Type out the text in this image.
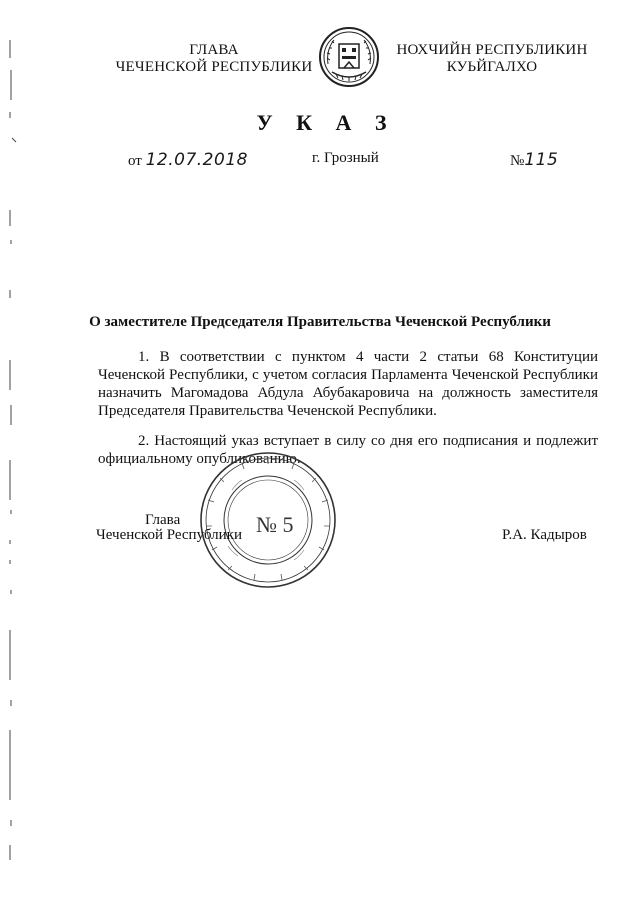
ГЛАВА
ЧЕЧЕНСКОЙ РЕСПУБЛИКИ
НОХЧИЙН РЕСПУБЛИКИН
КУЬЙГАЛХО
У К А З
от 12.07.2018	г. Грозный	№115
О заместителе Председателя Правительства Чеченской Республики
1. В соответствии с пунктом 4 части 2 статьи 68 Конституции Чеченской Республики, с учетом согласия Парламента Чеченской Республики назначить Магомадова Абдула Абубакаровича на должность заместителя Председателя Правительства Чеченской Республики.
2. Настоящий указ вступает в силу со дня его подписания и подлежит официальному опубликованию.
№ 5
Глава
Чеченской Республики	Р.А. Кадыров
